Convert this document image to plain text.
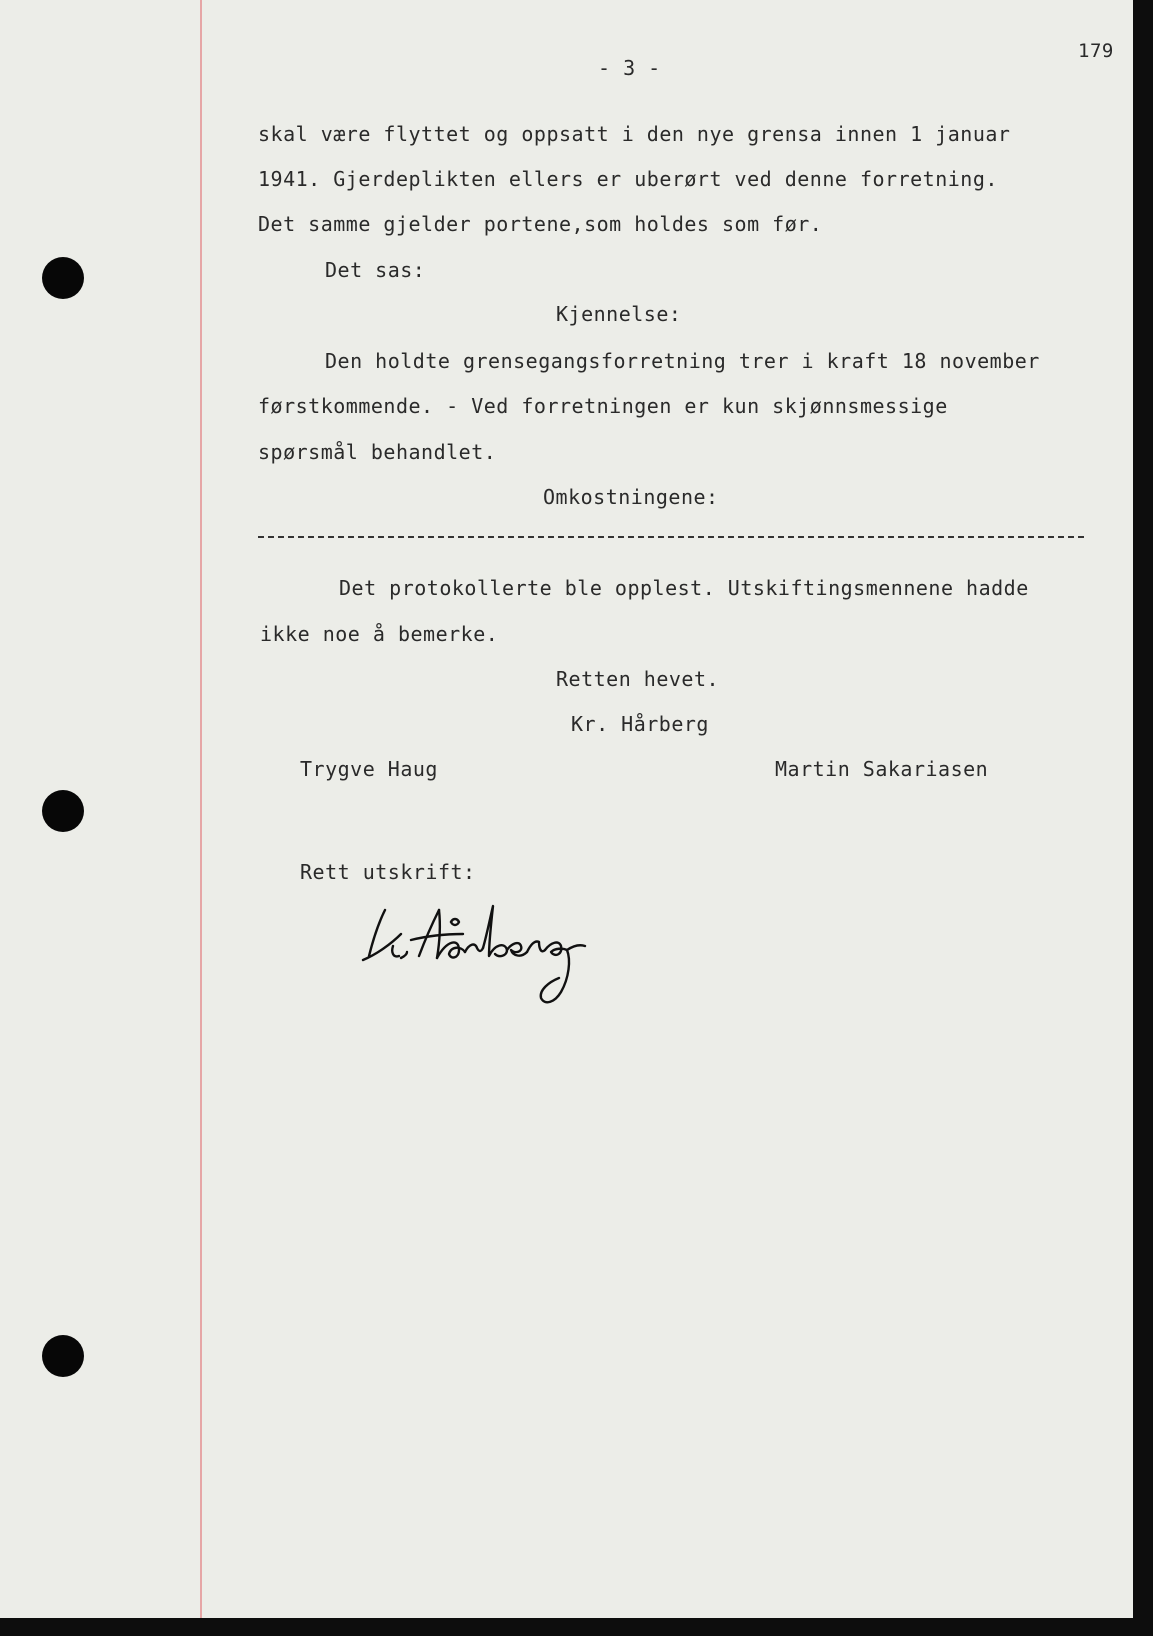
- 3 -
179
skal være flyttet og oppsatt i den nye grensa innen 1 januar
1941. Gjerdeplikten ellers er uberørt ved denne forretning.
Det samme gjelder portene,som holdes som før.
Det sas:
Kjennelse:
Den holdte grensegangsforretning trer i kraft 18 november
førstkommende. - Ved forretningen er kun skjønnsmessige
spørsmål behandlet.
Omkostningene:
Det protokollerte ble opplest. Utskiftingsmennene hadde
ikke noe å bemerke.
Retten hevet.
Kr. Hårberg
Trygve Haug	Martin Sakariasen
Rett utskrift:
